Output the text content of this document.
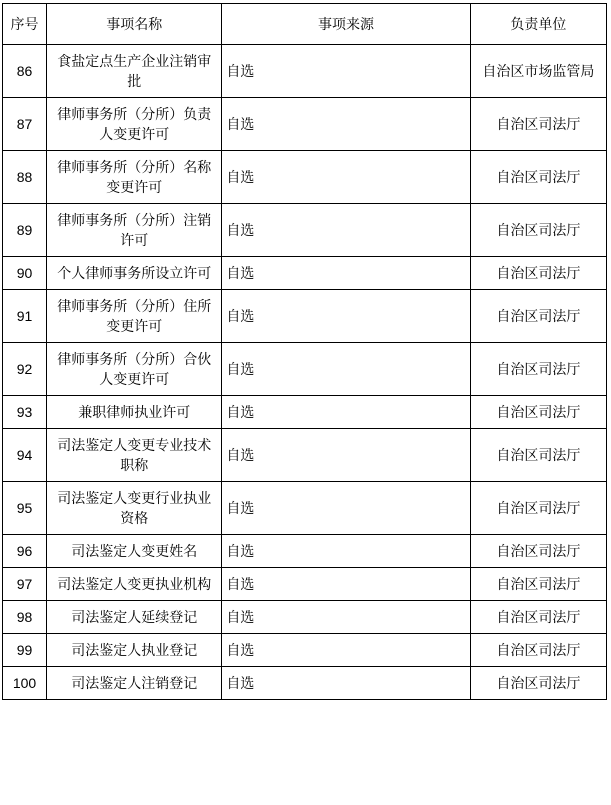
序号	事项名称	事项来源	负责单位
86	食盐定点生产企业注销审批	自选	自治区市场监管局
87	律师事务所（分所）负责人变更许可	自选	自治区司法厅
88	律师事务所（分所）名称变更许可	自选	自治区司法厅
89	律师事务所（分所）注销许可	自选	自治区司法厅
90	个人律师事务所设立许可	自选	自治区司法厅
91	律师事务所（分所）住所变更许可	自选	自治区司法厅
92	律师事务所（分所）合伙人变更许可	自选	自治区司法厅
93	兼职律师执业许可	自选	自治区司法厅
94	司法鉴定人变更专业技术职称	自选	自治区司法厅
95	司法鉴定人变更行业执业资格	自选	自治区司法厅
96	司法鉴定人变更姓名	自选	自治区司法厅
97	司法鉴定人变更执业机构	自选	自治区司法厅
98	司法鉴定人延续登记	自选	自治区司法厅
99	司法鉴定人执业登记	自选	自治区司法厅
100	司法鉴定人注销登记	自选	自治区司法厅
